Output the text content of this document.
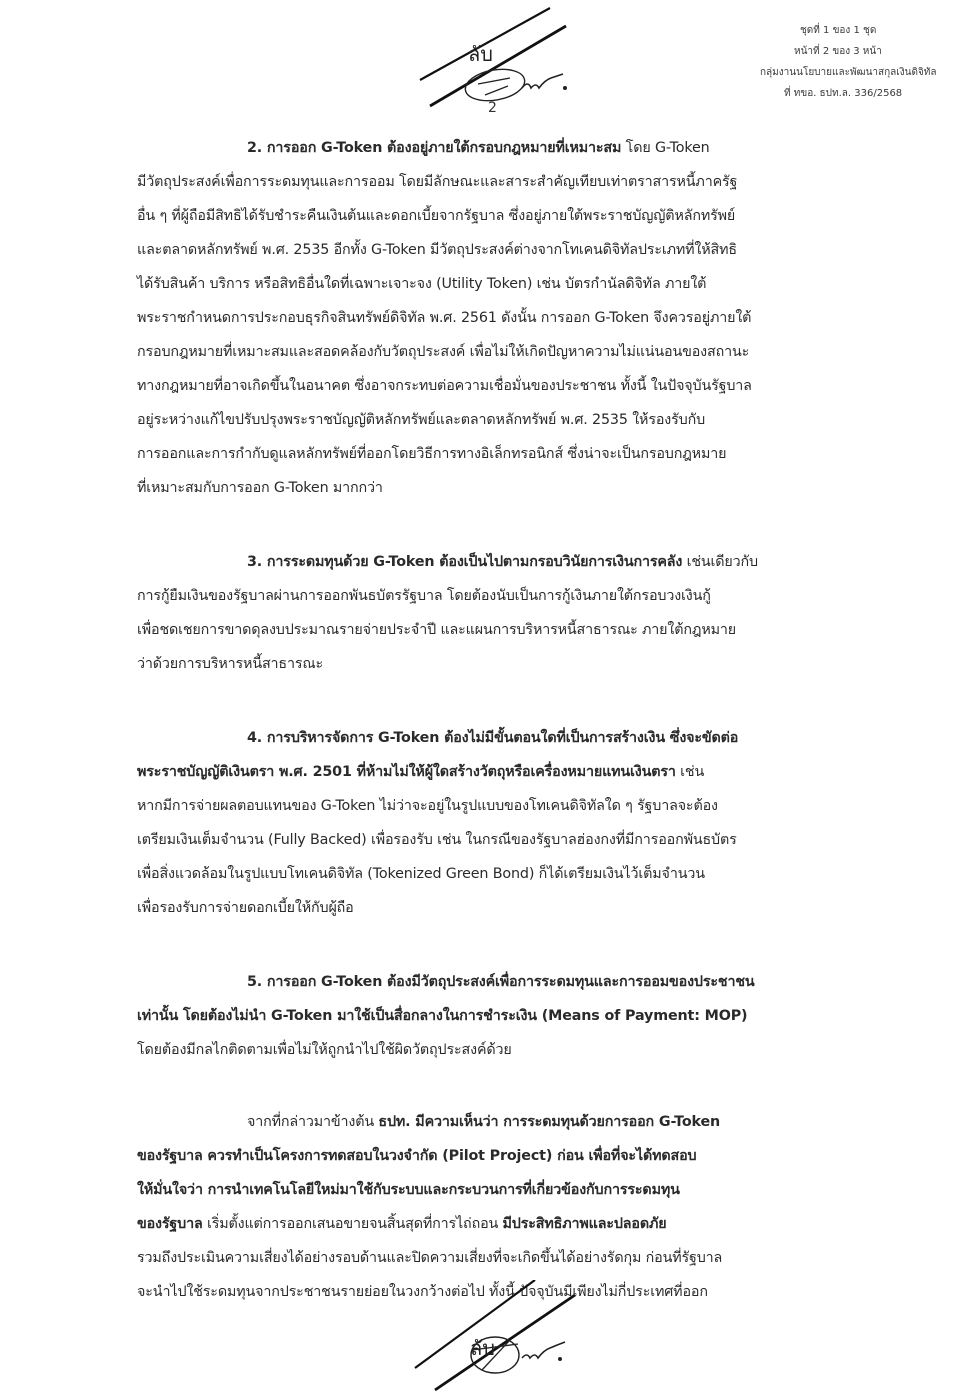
ลับ
2
ชุดที่ 1 ของ 1 ชุด
หน้าที่ 2 ของ 3 หน้า
กลุ่มงานนโยบายและพัฒนาสกุลเงินดิจิทัล
ที่ ทขอ. ธปท.ล. 336/2568
2. การออก G-Token ต้องอยู่ภายใต้กรอบกฎหมายที่เหมาะสม โดย G-Token
มีวัตถุประสงค์เพื่อการระดมทุนและการออม โดยมีลักษณะและสาระสำคัญเทียบเท่าตราสารหนี้ภาครัฐ
อื่น ๆ ที่ผู้ถือมีสิทธิได้รับชำระคืนเงินต้นและดอกเบี้ยจากรัฐบาล ซึ่งอยู่ภายใต้พระราชบัญญัติหลักทรัพย์
และตลาดหลักทรัพย์ พ.ศ. 2535 อีกทั้ง G-Token มีวัตถุประสงค์ต่างจากโทเคนดิจิทัลประเภทที่ให้สิทธิ
ได้รับสินค้า บริการ หรือสิทธิอื่นใดที่เฉพาะเจาะจง (Utility Token) เช่น บัตรกำนัลดิจิทัล ภายใต้
พระราชกำหนดการประกอบธุรกิจสินทรัพย์ดิจิทัล พ.ศ. 2561 ดังนั้น การออก G-Token จึงควรอยู่ภายใต้
กรอบกฎหมายที่เหมาะสมและสอดคล้องกับวัตถุประสงค์ เพื่อไม่ให้เกิดปัญหาความไม่แน่นอนของสถานะ
ทางกฎหมายที่อาจเกิดขึ้นในอนาคต ซึ่งอาจกระทบต่อความเชื่อมั่นของประชาชน ทั้งนี้ ในปัจจุบันรัฐบาล
อยู่ระหว่างแก้ไขปรับปรุงพระราชบัญญัติหลักทรัพย์และตลาดหลักทรัพย์ พ.ศ. 2535 ให้รองรับกับ
การออกและการกำกับดูแลหลักทรัพย์ที่ออกโดยวิธีการทางอิเล็กทรอนิกส์ ซึ่งน่าจะเป็นกรอบกฎหมาย
ที่เหมาะสมกับการออก G-Token มากกว่า
3. การระดมทุนด้วย G-Token ต้องเป็นไปตามกรอบวินัยการเงินการคลัง เช่นเดียวกับ
การกู้ยืมเงินของรัฐบาลผ่านการออกพันธบัตรรัฐบาล โดยต้องนับเป็นการกู้เงินภายใต้กรอบวงเงินกู้
เพื่อชดเชยการขาดดุลงบประมาณรายจ่ายประจำปี และแผนการบริหารหนี้สาธารณะ ภายใต้กฎหมาย
ว่าด้วยการบริหารหนี้สาธารณะ
4. การบริหารจัดการ G-Token ต้องไม่มีขั้นตอนใดที่เป็นการสร้างเงิน ซึ่งจะขัดต่อ
พระราชบัญญัติเงินตรา พ.ศ. 2501 ที่ห้ามไม่ให้ผู้ใดสร้างวัตถุหรือเครื่องหมายแทนเงินตรา เช่น
หากมีการจ่ายผลตอบแทนของ G-Token ไม่ว่าจะอยู่ในรูปแบบของโทเคนดิจิทัลใด ๆ รัฐบาลจะต้อง
เตรียมเงินเต็มจำนวน (Fully Backed) เพื่อรองรับ เช่น ในกรณีของรัฐบาลฮ่องกงที่มีการออกพันธบัตร
เพื่อสิ่งแวดล้อมในรูปแบบโทเคนดิจิทัล (Tokenized Green Bond) ก็ได้เตรียมเงินไว้เต็มจำนวน
เพื่อรองรับการจ่ายดอกเบี้ยให้กับผู้ถือ
5. การออก G-Token ต้องมีวัตถุประสงค์เพื่อการระดมทุนและการออมของประชาชน
เท่านั้น โดยต้องไม่นำ G-Token มาใช้เป็นสื่อกลางในการชำระเงิน (Means of Payment: MOP)
โดยต้องมีกลไกติดตามเพื่อไม่ให้ถูกนำไปใช้ผิดวัตถุประสงค์ด้วย
จากที่กล่าวมาข้างต้น ธปท. มีความเห็นว่า การระดมทุนด้วยการออก G-Token
ของรัฐบาล ควรทำเป็นโครงการทดสอบในวงจำกัด (Pilot Project) ก่อน เพื่อที่จะได้ทดสอบ
ให้มั่นใจว่า การนำเทคโนโลยีใหม่มาใช้กับระบบและกระบวนการที่เกี่ยวข้องกับการระดมทุน
ของรัฐบาล เริ่มตั้งแต่การออกเสนอขายจนสิ้นสุดที่การไถ่ถอน มีประสิทธิภาพและปลอดภัย
รวมถึงประเมินความเสี่ยงได้อย่างรอบด้านและปิดความเสี่ยงที่จะเกิดขึ้นได้อย่างรัดกุม ก่อนที่รัฐบาล
จะนำไปใช้ระดมทุนจากประชาชนรายย่อยในวงกว้างต่อไป ทั้งนี้ ปัจจุบันมีเพียงไม่กี่ประเทศที่ออก
ลับ
